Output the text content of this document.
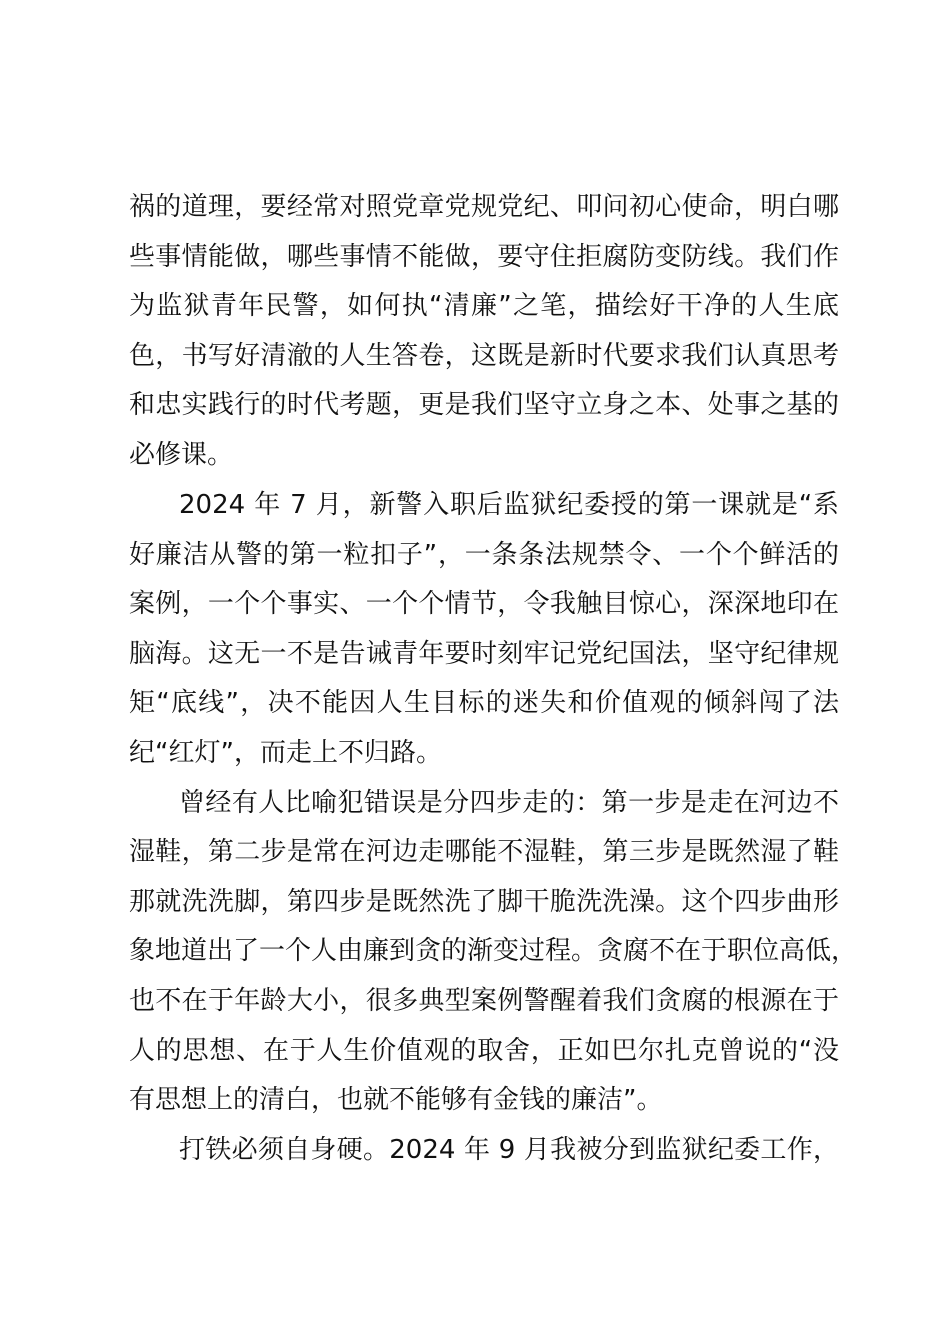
祸的道理，要经常对照党章党规党纪、叩问初心使命，明白哪
些事情能做，哪些事情不能做，要守住拒腐防变防线。我们作
为监狱青年民警，如何执“清廉”之笔，描绘好干净的人生底
色，书写好清澈的人生答卷，这既是新时代要求我们认真思考
和忠实践行的时代考题，更是我们坚守立身之本、处事之基的
必修课。
2024 年 7 月，新警入职后监狱纪委授的第一课就是“系
好廉洁从警的第一粒扣子”，一条条法规禁令、一个个鲜活的
案例，一个个事实、一个个情节，令我触目惊心，深深地印在
脑海。这无一不是告诫青年要时刻牢记党纪国法，坚守纪律规
矩“底线”，决不能因人生目标的迷失和价值观的倾斜闯了法
纪“红灯”，而走上不归路。
曾经有人比喻犯错误是分四步走的：第一步是走在河边不
湿鞋，第二步是常在河边走哪能不湿鞋，第三步是既然湿了鞋
那就洗洗脚，第四步是既然洗了脚干脆洗洗澡。这个四步曲形
象地道出了一个人由廉到贪的渐变过程。贪腐不在于职位高低，
也不在于年龄大小，很多典型案例警醒着我们贪腐的根源在于
人的思想、在于人生价值观的取舍，正如巴尔扎克曾说的“没
有思想上的清白，也就不能够有金钱的廉洁”。
打铁必须自身硬。2024 年 9 月我被分到监狱纪委工作，
